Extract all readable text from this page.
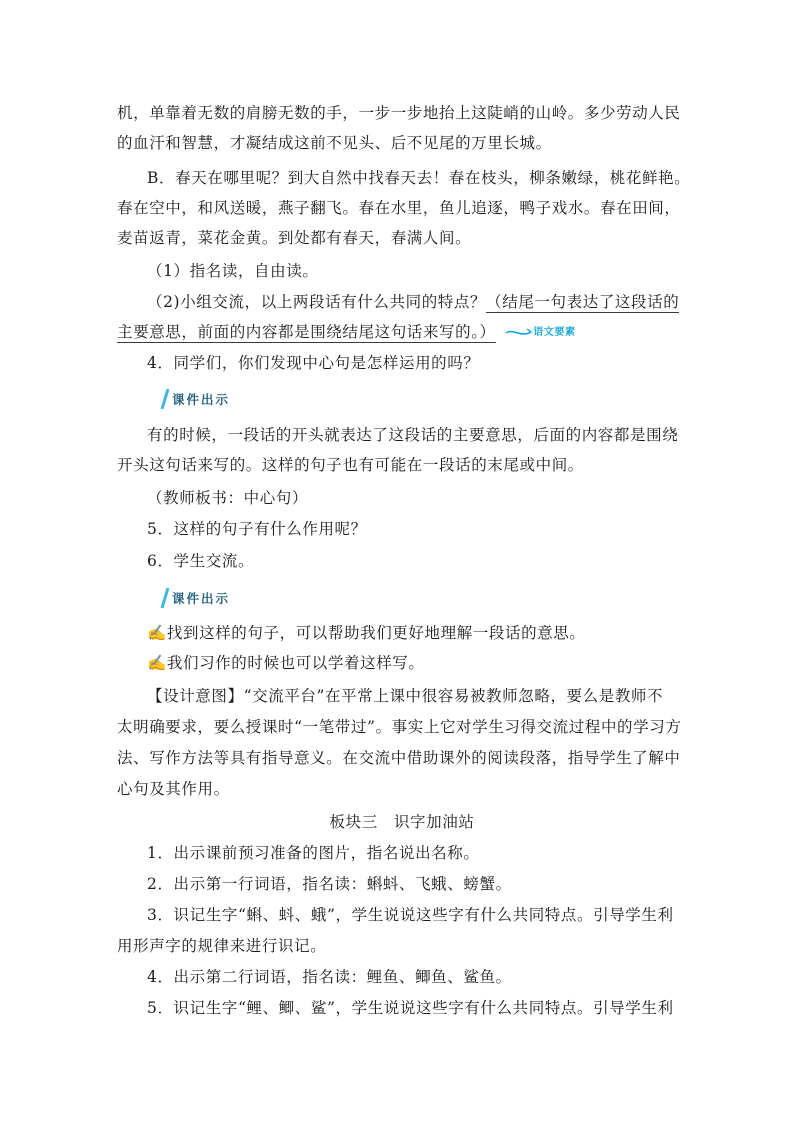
机，单靠着无数的肩膀无数的手，一步一步地抬上这陡峭的山岭。多少劳动人民
的血汗和智慧，才凝结成这前不见头、后不见尾的万里长城。
B．春天在哪里呢？到大自然中找春天去！春在枝头，柳条嫩绿，桃花鲜艳。
春在空中，和风送暖，燕子翻飞。春在水里，鱼儿追逐，鸭子戏水。春在田间，
麦苗返青，菜花金黄。到处都有春天，春满人间。
（1）指名读，自由读。
（2)小组交流，以上两段话有什么共同的特点？（结尾一句表达了这段话的
主要意思，前面的内容都是围绕结尾这句话来写的。）	语文要素
4．同学们，你们发现中心句是怎样运用的吗？
课件出示
有的时候，一段话的开头就表达了这段话的主要意思，后面的内容都是围绕
开头这句话来写的。这样的句子也有可能在一段话的末尾或中间。
（教师板书：中心句）
5．这样的句子有什么作用呢？
6．学生交流。
课件出示
✍找到这样的句子，可以帮助我们更好地理解一段话的意思。
✍我们习作的时候也可以学着这样写。
【设计意图】“交流平台”在平常上课中很容易被教师忽略，要么是教师不
太明确要求，要么授课时“一笔带过”。事实上它对学生习得交流过程中的学习方
法、写作方法等具有指导意义。在交流中借助课外的阅读段落，指导学生了解中
心句及其作用。
板块三　识字加油站
1．出示课前预习准备的图片，指名说出名称。
2．出示第一行词语，指名读：蝌蚪、飞蛾、螃蟹。
3．识记生字“蝌、蚪、蛾”，学生说说这些字有什么共同特点。引导学生利
用形声字的规律来进行识记。
4．出示第二行词语，指名读：鲤鱼、鲫鱼、鲨鱼。
5．识记生字“鲤、鲫、鲨”，学生说说这些字有什么共同特点。引导学生利
